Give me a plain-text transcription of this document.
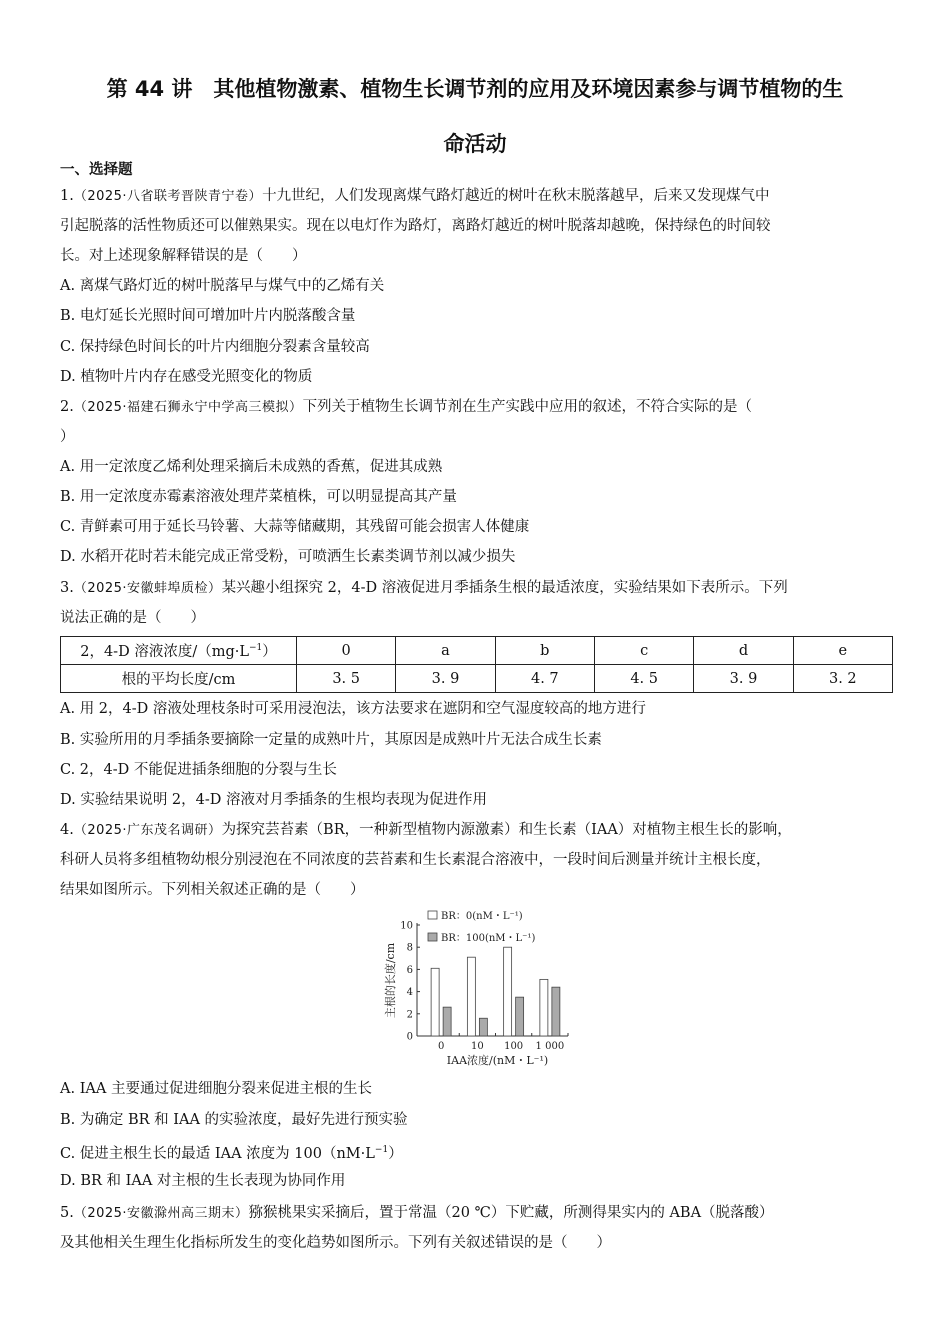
第 44 讲　其他植物激素、植物生长调节剂的应用及环境因素参与调节植物的生
命活动
一、选择题
1.（2025·八省联考晋陕青宁卷）十九世纪，人们发现离煤气路灯越近的树叶在秋末脱落越早，后来又发现煤气中
引起脱落的活性物质还可以催熟果实。现在以电灯作为路灯，离路灯越近的树叶脱落却越晚，保持绿色的时间较
长。对上述现象解释错误的是（　　）
A. 离煤气路灯近的树叶脱落早与煤气中的乙烯有关
B. 电灯延长光照时间可增加叶片内脱落酸含量
C. 保持绿色时间长的叶片内细胞分裂素含量较高
D. 植物叶片内存在感受光照变化的物质
2.（2025·福建石狮永宁中学高三模拟）下列关于植物生长调节剂在生产实践中应用的叙述，不符合实际的是（
）
A. 用一定浓度乙烯利处理采摘后未成熟的香蕉，促进其成熟
B. 用一定浓度赤霉素溶液处理芹菜植株，可以明显提高其产量
C. 青鲜素可用于延长马铃薯、大蒜等储藏期，其残留可能会损害人体健康
D. 水稻开花时若未能完成正常受粉，可喷洒生长素类调节剂以减少损失
3.（2025·安徽蚌埠质检）某兴趣小组探究 2，4-D 溶液促进月季插条生根的最适浓度，实验结果如下表所示。下列
说法正确的是（　　）
2，4-D 溶液浓度$/(mg\cdot L^{-1})$	0	a	b	c	d	e
根的平均长度/cm	3. 5	3. 9	4. 7	4. 5	3. 9	3. 2
A. 用 2，4-D 溶液处理枝条时可采用浸泡法，该方法要求在遮阴和空气湿度较高的地方进行
B. 实验所用的月季插条要摘除一定量的成熟叶片，其原因是成熟叶片无法合成生长素
C. 2，4-D 不能促进插条细胞的分裂与生长
D. 实验结果说明 2，4-D 溶液对月季插条的生根均表现为促进作用
4.（2025·广东茂名调研）为探究芸苔素（BR，一种新型植物内源激素）和生长素（IAA）对植物主根生长的影响，
科研人员将多组植物幼根分别浸泡在不同浓度的芸苔素和生长素混合溶液中，一段时间后测量并统计主根长度，
结果如图所示。下列相关叙述正确的是（　　）
0
2
4
6
8
10
主根的长度/cm
0	10 100 1 000
IAA浓度/(nM・L⁻¹)
BR：0(nM・L⁻¹)
BR：100(nM・L⁻¹)
A. IAA 主要通过促进细胞分裂来促进主根的生长
B. 为确定 BR 和 IAA 的实验浓度，最好先进行预实验
C. 促进主根生长的最适 IAA 浓度为 $100(nM\cdot L^{-1})$
D. BR 和 IAA 对主根的生长表现为协同作用
5.（2025·安徽滁州高三期末）猕猴桃果实采摘后，置于常温（20 ℃）下贮藏，所测得果实内的 ABA（脱落酸）
及其他相关生理生化指标所发生的变化趋势如图所示。下列有关叙述错误的是（　　）
